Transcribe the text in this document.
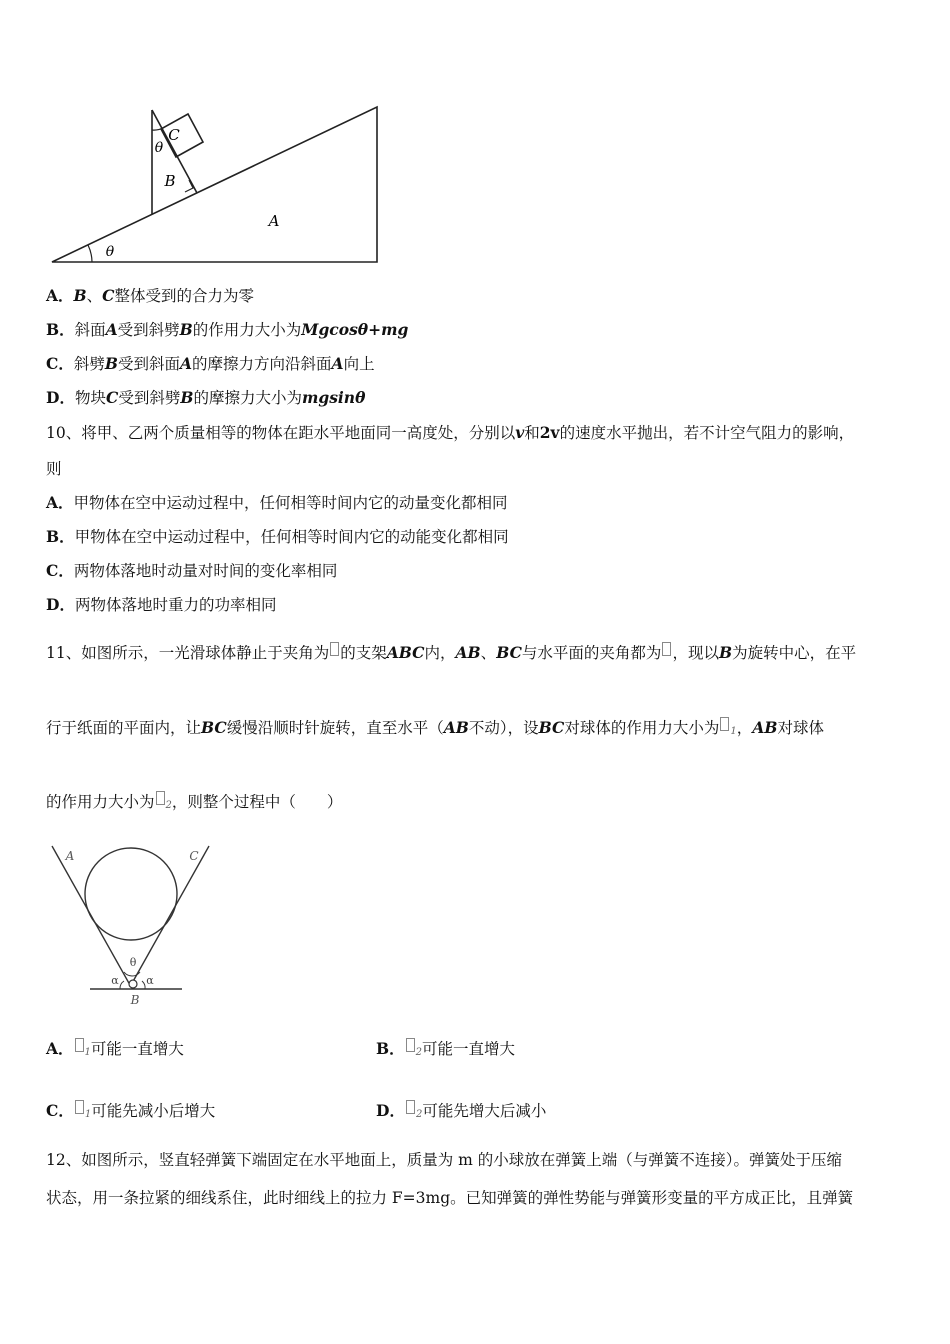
C
θ
B
A
θ
A．B、C整体受到的合力为零
B．斜面A受到斜劈B的作用力大小为Mgcosθ+mg
C．斜劈B受到斜面A的摩擦力方向沿斜面A向上
D．物块C受到斜劈B的摩擦力大小为mgsinθ
10、将甲、乙两个质量相等的物体在距水平地面同一高度处，分别以v和2v的速度水平抛出，若不计空气阻力的影响，
则
A．甲物体在空中运动过程中，任何相等时间内它的动量变化都相同
B．甲物体在空中运动过程中，任何相等时间内它的动能变化都相同
C．两物体落地时动量对时间的变化率相同
D．两物体落地时重力的功率相同
11、如图所示，一光滑球体静止于夹角为 的支架ABC内，AB、BC与水平面的夹角都为 ，现以B为旋转中心，在平
行于纸面的平面内，让BC缓慢沿顺时针旋转，直至水平（AB不动），设BC对球体的作用力大小为 1，AB对球体
的作用力大小为 2，则整个过程中（　　）
A	C
θ
α	α
B
A． 1可能一直增大	B． 2可能一直增大
C． 1可能先减小后增大	D． 2可能先增大后减小
12、如图所示，竖直轻弹簧下端固定在水平地面上，质量为 m 的小球放在弹簧上端（与弹簧不连接）。弹簧处于压缩
状态，用一条拉紧的细线系住，此时细线上的拉力 F=3mg。已知弹簧的弹性势能与弹簧形变量的平方成正比，且弹簧
